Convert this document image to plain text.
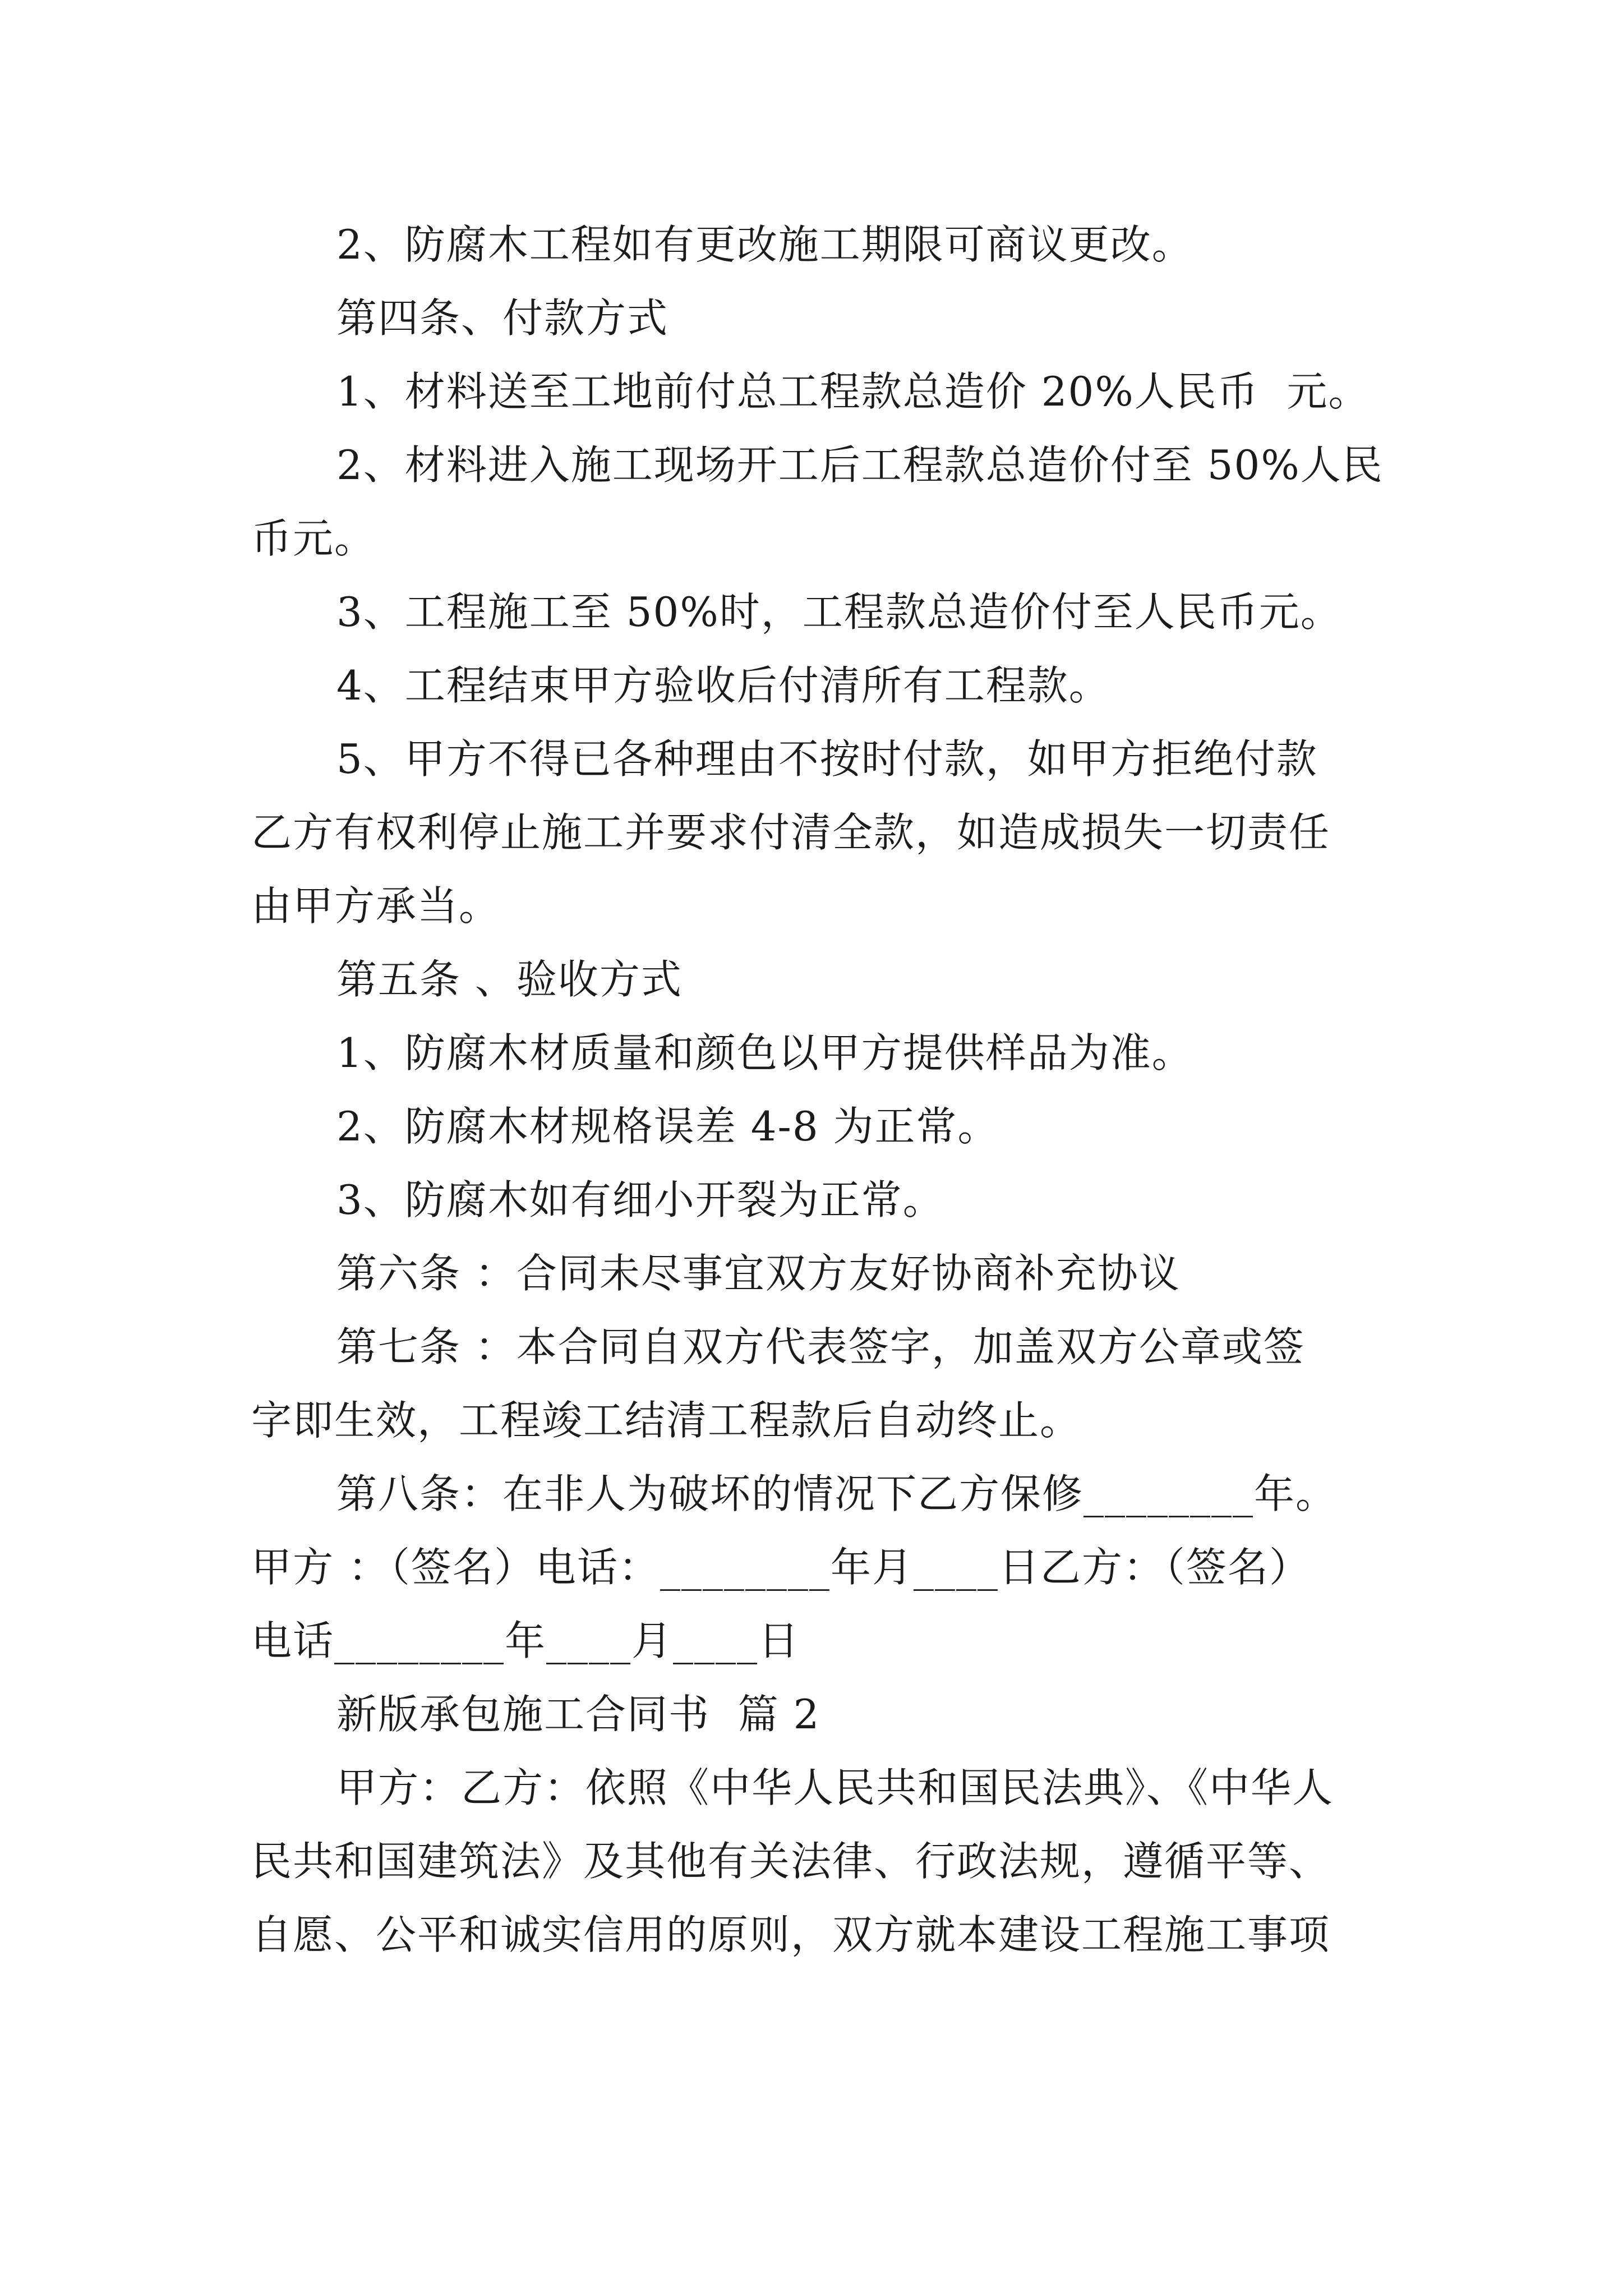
2、防腐木工程如有更改施工期限可商议更改。
第四条、付款方式
1、材料送至工地前付总工程款总造价 20%人民币  元。
2、材料进入施工现场开工后工程款总造价付至 50%人民
币元。
3、工程施工至 50%时，工程款总造价付至人民币元。
4、工程结束甲方验收后付清所有工程款。
5、甲方不得已各种理由不按时付款，如甲方拒绝付款
乙方有权利停止施工并要求付清全款，如造成损失一切责任
由甲方承当。
第五条 、验收方式
1、防腐木材质量和颜色以甲方提供样品为准。
2、防腐木材规格误差 4-8 为正常。
3、防腐木如有细小开裂为正常。
第六条 ：合同未尽事宜双方友好协商补充协议
第七条 ：本合同自双方代表签字，加盖双方公章或签
字即生效，工程竣工结清工程款后自动终止。
第八条：在非人为破坏的情况下乙方保修________年。
甲方 ：（签名）电话：________年月____日乙方：（签名）
电话________年____月____日
新版承包施工合同书  篇 2
甲方：乙方：依照《中华人民共和国民法典》、《中华人
民共和国建筑法》及其他有关法律、行政法规，遵循平等、
自愿、公平和诚实信用的原则，双方就本建设工程施工事项
